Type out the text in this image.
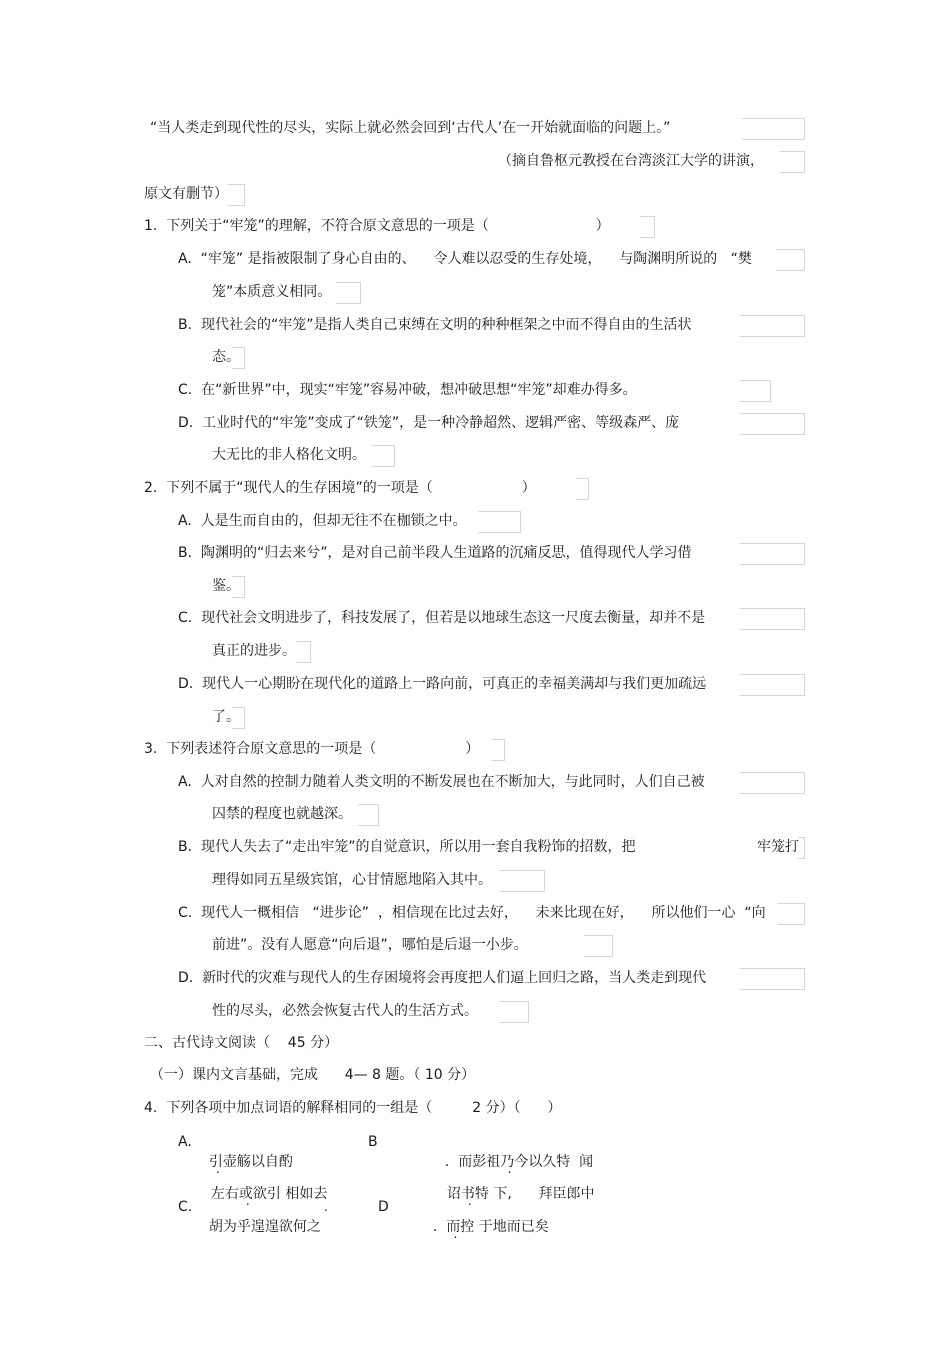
“当人类走到现代性的尽头，实际上就必然会回到‘古代人’在一开始就面临的问题上。”
（摘自鲁枢元教授在台湾淡江大学的讲演，
原文有删节）
1.  下列关于“牢笼”的理解，不符合原文意思的一项是（                        ）
A.  “牢笼” 是指被限制了身心自由的、    令人难以忍受的生存处境，    与陶渊明所说的   “樊
笼”本质意义相同。
B.  现代社会的“牢笼”是指人类自己束缚在文明的种种框架之中而不得自由的生活状
态。
C.  在“新世界”中，现实“牢笼”容易冲破，想冲破思想“牢笼”却难办得多。
D.  工业时代的“牢笼”变成了“铁笼”，是一种冷静超然、逻辑严密、等级森严、庞
大无比的非人格化文明。
2.  下列不属于“现代人的生存困境”的一项是（                    ）
A.  人是生而自由的，但却无往不在枷锁之中。
B.  陶渊明的“归去来兮”，是对自己前半段人生道路的沉痛反思，值得现代人学习借
鉴。
C.  现代社会文明进步了，科技发展了，但若是以地球生态这一尺度去衡量，却并不是
真正的进步。
D.  现代人一心期盼在现代化的道路上一路向前，可真正的幸福美满却与我们更加疏远
了。
3.  下列表述符合原文意思的一项是（                    ）
A.  人对自然的控制力随着人类文明的不断发展也在不断加大，与此同时，人们自己被
囚禁的程度也就越深。
B.  现代人失去了“走出牢笼”的自觉意识，所以用一套自我粉饰的招数，把	牢笼打
理得如同五星级宾馆，心甘情愿地陷入其中。
C.  现代人一概相信   “进步论”  ，相信现在比过去好，    未来比现在好，    所以他们一心  “向
前进”。没有人愿意“向后退”，哪怕是后退一小步。
D.  新时代的灾难与现代人的生存困境将会再度把人们逼上回归之路，当人类走到现代
性的尽头，必然会恢复古代人的生活方式。
二、古代诗文阅读（    45 分）
（一）课内文言基础，完成      4— 8 题。（ 10 分）
4.  下列各项中加点词语的解释相同的一组是（         2 分）（      ）
A.

引壶觞以自酌

B

.  而彭祖乃今以久特 . 闻

左右或欲引 . 相如去	诏书特 下,      拜臣郎中

C.

胡为乎遑遑欲何之

.	D

.  而控 . 于地而已矣
